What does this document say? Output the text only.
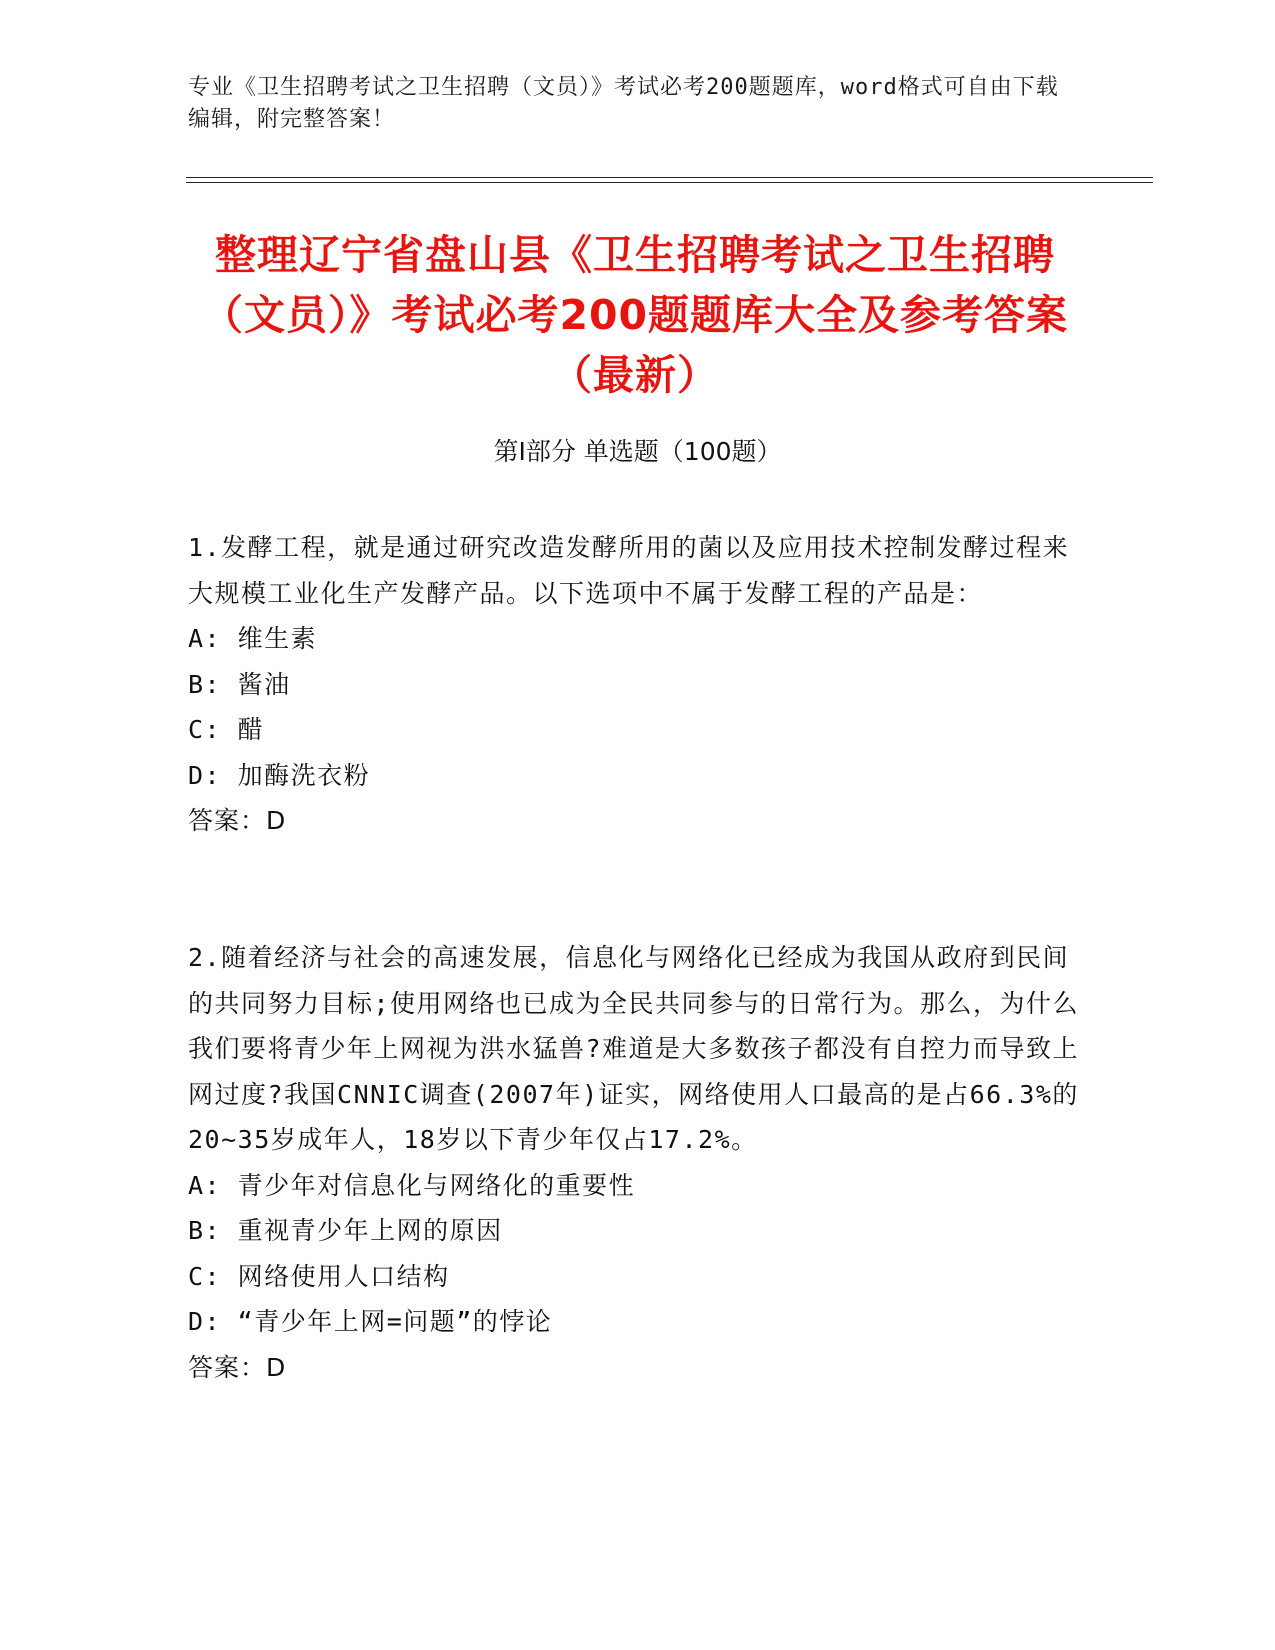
专业《卫生招聘考试之卫生招聘（文员）》考试必考200题题库，word格式可自由下载编辑，附完整答案！
整理辽宁省盘山县《卫生招聘考试之卫生招聘（文员）》考试必考200题题库大全及参考答案（最新）
第Ⅰ部分 单选题（100题）

1.发酵工程，就是通过研究改造发酵所用的菌以及应用技术控制发酵过程来大规模工业化生产发酵产品。以下选项中不属于发酵工程的产品是：

A: 维生素

B: 酱油

C: 醋

D: 加酶洗衣粉

答案：D

2.随着经济与社会的高速发展，信息化与网络化已经成为我国从政府到民间的共同努力目标;使用网络也已成为全民共同参与的日常行为。那么，为什么我们要将青少年上网视为洪水猛兽?难道是大多数孩子都没有自控力而导致上网过度?我国CNNIC调查(2007年)证实，网络使用人口最高的是占66.3%的20~35岁成年人，18岁以下青少年仅占17.2%。

A: 青少年对信息化与网络化的重要性

B: 重视青少年上网的原因

C: 网络使用人口结构

D: “青少年上网=问题”的悖论

答案：D
